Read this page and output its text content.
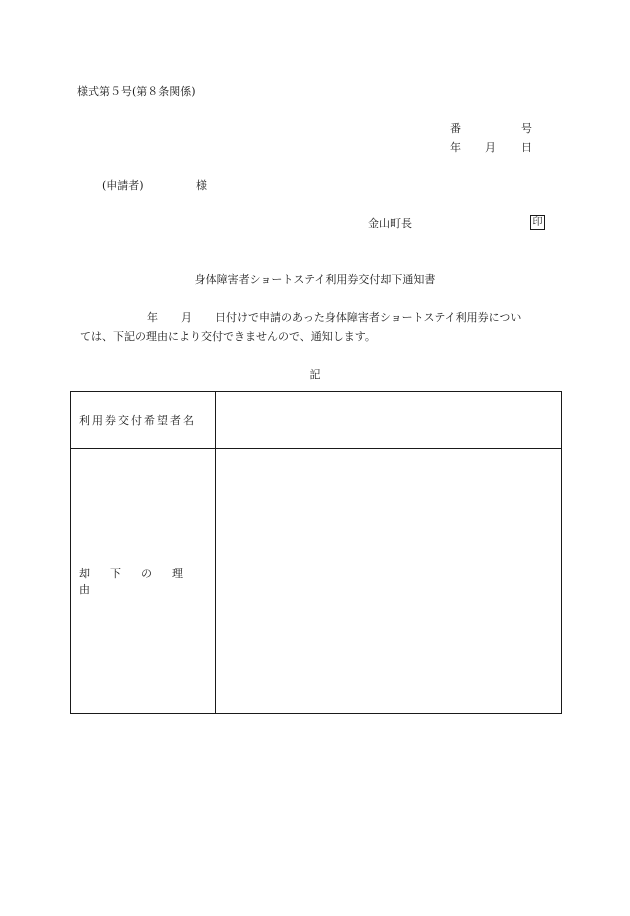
様式第５号(第８条関係)
番	号
年 月 日
(申請者)	様
金山町長	印
身体障害者ショートステイ利用券交付却下通知書
年 月 日付けで申請のあった身体障害者ショートステイ利用券につい
ては、下記の理由により交付できませんので、通知します。
記
利用券交付希望者名	
却下の理由	
